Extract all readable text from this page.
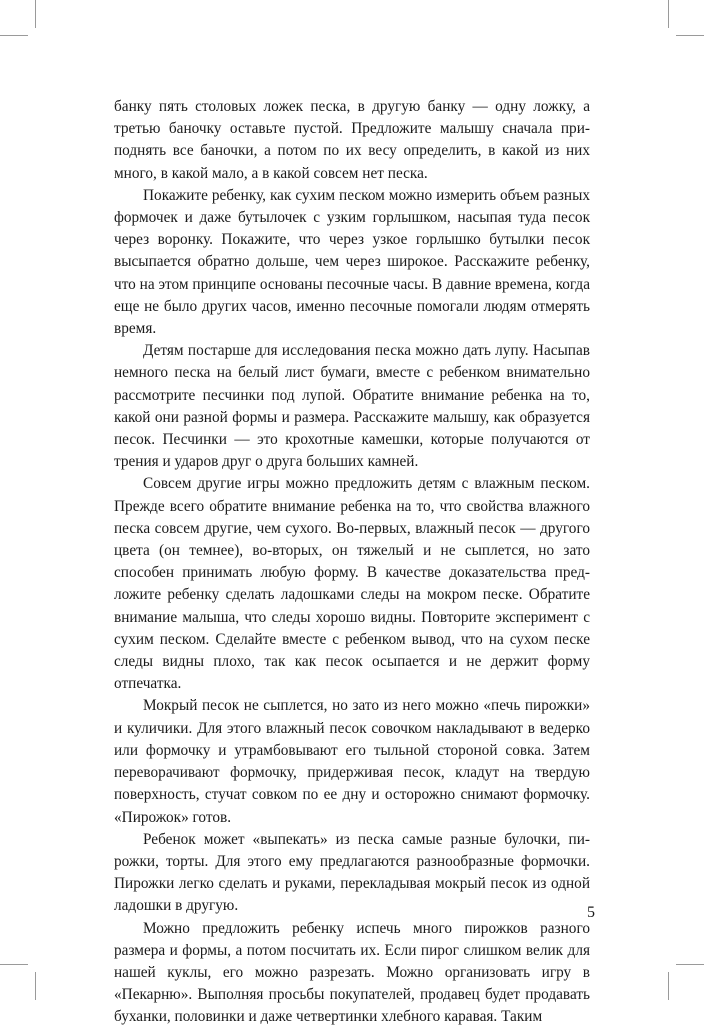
банку пять столовых ложек песка, в другую банку — одну ложку, а третью баночку оставьте пустой. Предложите малышу сначала приподнять все баночки, а потом по их весу определить, в какой из них много, в какой мало, а в какой совсем нет песка.

Покажите ребенку, как сухим песком можно измерить объем разных формочек и даже бутылочек с узким горлышком, насыпая туда песок через воронку. Покажите, что через узкое горлышко бутылки песок высыпается обратно дольше, чем через широкое. Расскажите ребенку, что на этом принципе основаны песочные часы. В давние времена, когда еще не было других часов, именно песочные помогали людям отмерять время.

Детям постарше для исследования песка можно дать лупу. Насыпав немного песка на белый лист бумаги, вместе с ребенком внимательно рассмотрите песчинки под лупой. Обратите внимание ребенка на то, какой они разной формы и размера. Расскажите малышу, как образуется песок. Песчинки — это крохотные камешки, которые получаются от трения и ударов друг о друга больших камней.

Совсем другие игры можно предложить детям с влажным песком. Прежде всего обратите внимание ребенка на то, что свойства влажного песка совсем другие, чем сухого. Во-первых, влажный песок — другого цвета (он темнее), во-вторых, он тяжелый и не сыплется, но зато способен принимать любую форму. В качестве доказательства предложите ребенку сделать ладошками следы на мокром песке. Обратите внимание малыша, что следы хорошо видны. Повторите эксперимент с сухим песком. Сделайте вместе с ребенком вывод, что на сухом песке следы видны плохо, так как песок осыпается и не держит форму отпечатка.

Мокрый песок не сыплется, но зато из него можно «печь пирожки» и куличики. Для этого влажный песок совочком накладывают в ведерко или формочку и утрамбовывают его тыльной стороной совка. Затем переворачивают формочку, придерживая песок, кладут на твердую поверхность, стучат совком по ее дну и осторожно снимают формочку. «Пирожок» готов.

Ребенок может «выпекать» из песка самые разные булочки, пирожки, торты. Для этого ему предлагаются разнообразные формочки. Пирожки легко сделать и руками, перекладывая мокрый песок из одной ладошки в другую.

Можно предложить ребенку испечь много пирожков разного размера и формы, а потом посчитать их. Если пирог слишком велик для нашей куклы, его можно разрезать. Можно организовать игру в «Пекарню». Выполняя просьбы покупателей, продавец будет продавать буханки, половинки и даже четвертинки хлебного каравая. Таким

5
